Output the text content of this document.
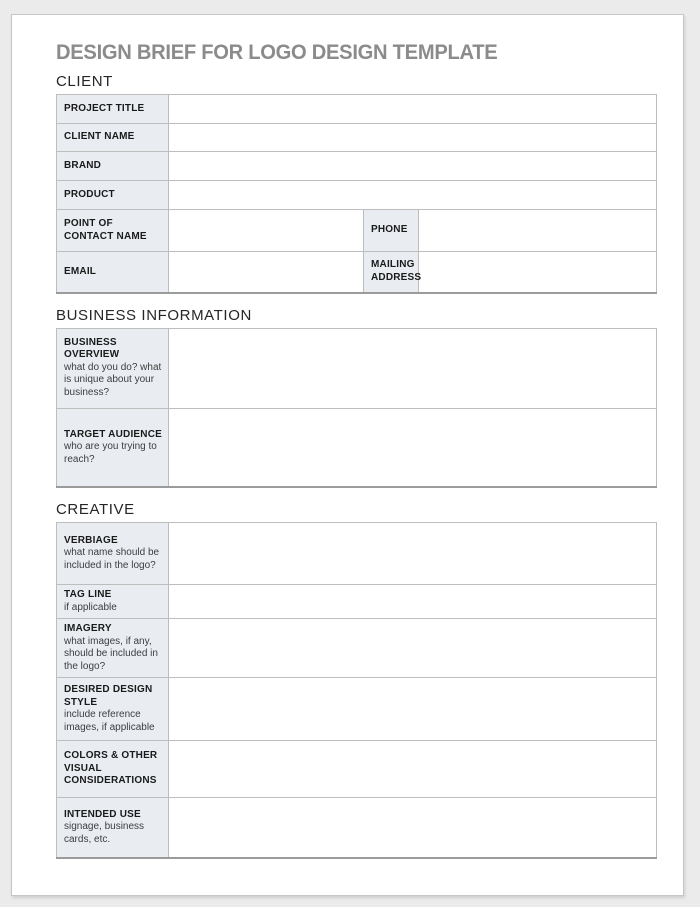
DESIGN BRIEF FOR LOGO DESIGN TEMPLATE
CLIENT
PROJECT TITLE			
CLIENT NAME			
BRAND			
PRODUCT			
POINT OF CONTACT NAME		PHONE	
EMAIL		MAILING ADDRESS	
BUSINESS INFORMATION
BUSINESS OVERVIEW
what do you do? what is unique about your business?	

TARGET AUDIENCE
who are you trying to reach?	

CREATIVE
VERBIAGE
what name should be included in the logo?	

TAG LINE
if applicable	

IMAGERY
what images, if any, should be included in the logo?	

DESIRED DESIGN STYLE
include reference images, if applicable	

COLORS & OTHER VISUAL CONSIDERATIONS	

INTENDED USE
signage, business cards, etc.	
